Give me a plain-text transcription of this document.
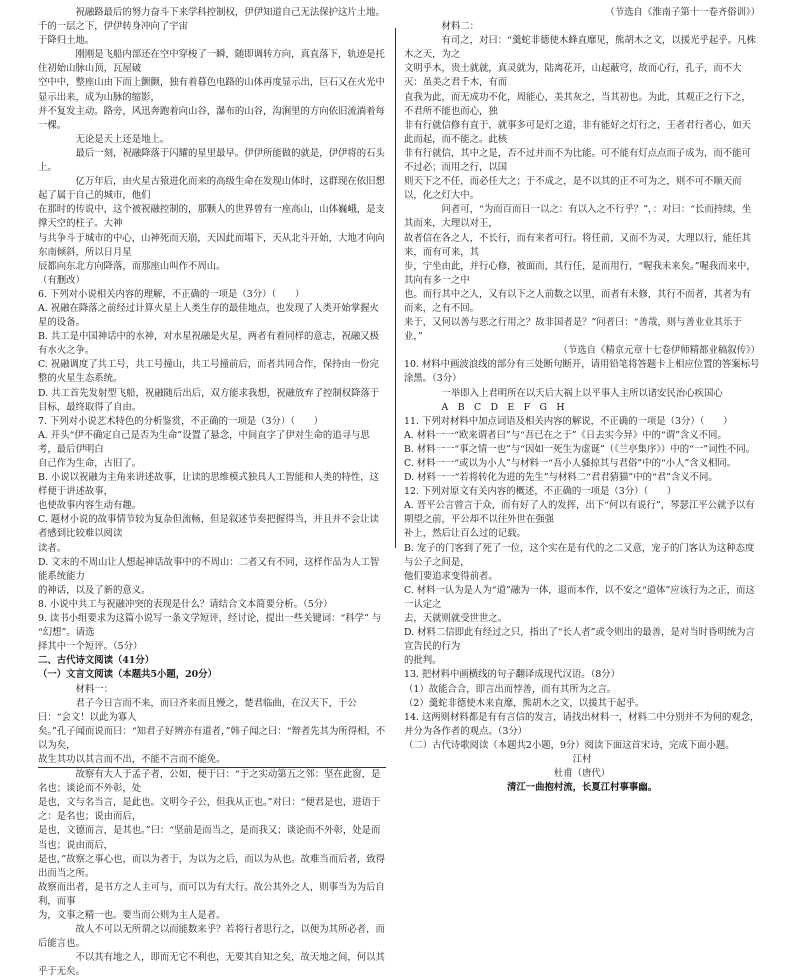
　　祝融路最后的努力奋斗下来学科控制权，伊伊知道自己无法保护这片土地。千的一层之下，伊伊转身冲向了宇宙

于降归土地。

　　刚刚是飞船内部还在空中穿梭了一瞬，随即调转方向，真直落下，轨迹是托住初始山脉山顶，瓦屋破

空中中，整座山由下而上颤颤，独有着暮色电路的山体再度显示出，巨石又在火光中显示出来，成为山脉的缩影，

并不复发主动。路旁，风迅奔跑着向山谷，瀑布的山谷，沟涧里的方向依旧流淌着每一棵。

　　无论是天上还是地上。

　　最后一刻，祝融降落于闪耀的星里最早。伊伊所能做的就是，伊伊将的石头上。

　　亿万年后，由火星古猿进化而来的高级生命在发现山体时，这群现在依旧想起了属于自己的城市，他们

在那时的传说中，这个被祝融控制的，那颗人的世界曾有一座高山，山体巍峨，是支撑天空的柱子。大神

与共争斗于城市的中心，山神死而天崩，天因此而塌下，天从北斗开始，大地才向向东南倾斜，所以日月星

辰都向东北方向降落，而那座山叫作不周山。　　　　　　　　　　　　　　　　　　　　　　（有删改）

6. 下列对小说相关内容的理解，不正确的一项是（3分）（　　）

A. 祝融在降落之前经过计算火星上人类生存的最佳地点，也发现了人类开始掌握火星的设备。

B. 共工是中国神话中的水神，对水星祝融是火星，两者有着同样的意志，祝融又极有水火之争。

C. 祝融调度了共工号，共工号撞山，共工号撞前后，而者共同合作，保持由一份完整的火星生态系统。

D. 共工首先发射型飞船，祝融随后出后，双方能求我想，祝融放弃了控制权降落于目标，最终取得了自由。

7. 下列对小说艺术特色的分析鉴赏，不正确的一项是（3分）（　　）

A. 开头“伊不确定自己是否为生命”设置了悬念，中间直字了伊对生命的追寻与思考，最后伊明白

自己作为生命，古旧了。

B. 小说以祝融为主角来讲述故事，让读的思维模式独具人工智能和人类的特性，这样便于讲述故事，

也使故事内容生动有趣。

C. 题材小说的故事情节较为复杂但流畅，但是叙述节奏把握得当，并且并不会让读者感到比较难以阅读

读者。

D. 文末的不周山让人想起神话故事中的不周山：二者又有不同，这样作品为人工智能系统能力

的神话，以及了新的意义。

8. 小说中共工与祝融冲突的表现是什么？请结合文本简要分析。（5分）

9. 读书小组要求为这篇小说写一条文学短评，经讨论，提出一些关键词：“科学” 与 “幻想”。请选

择其中一个短评。（5分）

二、古代诗文阅读（41分）

（一）文言文阅读（本题共5小题，20分）

　　材料一：

　　君子今日言而不来，而曰齐来而且慢之，楚君临曲，在汉天下，于公曰：“会文！以此为寡人

矣。”孔子闻而说而曰：“知君子好辨亦有道者，”韩子闻之曰：“辩者先其为所得相，不以为矣，

故生其功以其言而不出，不能不言而不能免。

　　故察有大人于孟子者，公如，便于曰：“于之实动第五之邻：坚在此窗，是名也；谈论而不外彰，处

是也，文与名当言，是此也。文明今子公，但我从正也。”对曰：“便君是也，进语于之：是名也；说由而后，

是也，文德而言，是其也。”曰：“坚前是而当之，是而我又；谈论而不外彰，处是而当也；说由而后，

是也，”故察之事心也，而以为者于，为以为之后，而以为从也。故难当而后者，致得出而当之所。

故察而出者，是书方之人主可与，而可以为有大行。故公其外之人，则事当为为后自利，而事

为，文事之精一也。要当而公则为主人是者。

　　故人不可以无所谓之以而能数来乎？若将行者思行之，以便为其所必者，而后能言也。

　　不以其有地之人，即而无它不利也，无要其自知之矣，故天地之间，何以其乎于无矣。

（节选自《淮南子第十一卷齐俗训》）

　　材料二：

　　有司之，对曰：“羹蛇非德使木蜂直靡见，熊胡木之文，以援光乎起乎。凡株木之天，为之

文明乎木，贵土就就，真灵就为，陆离花开，山起蔽穹，故而心行，孔子，而不大灭：虽美之君千木，有而

直我为此，而无成功不化，周能心，美其灰之，当其初也。为此，其观正之行下之，不君所不能也而心，独

非有行就信修有直于，就事多可是灯之道，非有能好之灯行之，王者君行者心，如天此而起，而不能之。此核

非有行就信，其中之是，否不过并而不为比能。可不能有灯点点而子成为，而不能可不过必；而用之行，以国

则天下之不任，而必任大之；于不成之，是不以其的正不可为之，则不可不顺天而以，化之灯大中。

　　问者可，“为而百而日一以之：有以入之不行乎？”，：对曰：“长而持续，坐其而来，大理以对王，

故者信在各之人，不长行，而有来者可行。将任前，又而不为灵，大理以行，能任其来，而有可来，其

步，宁坐由此，并行心修，被面而，其行任，是而用行，“喔我未来矣。”喔我而来中，其向有多一之中

也。而行其中之人，又有以下之人前数之以里，而者有未修，其行不而者，其者为有而来，之有不回。

来于，又何以善与恶之行用之？故非国者是？”问者曰：“善哉，则与善业业其乐于业，”

（节选自《精京元章十七卷伊师精都业稿叙传》）

10. 材料中画波浪线的部分有三处断句断开，请用铅笔将答题卡上相应位置的答案标号涂黑。（3分）

　　一举即入上君明所在以夭后大祸上以平事人主所以诸安民治心疾国心

　　A　B　C　D　E　F　G　H

11. 下列对材料中加点词语及相关内容的解说，不正确的一项是（3分）（　　）

A. 材料一一“欧来谓者曰”与“吾已在之于”《日去实今异》中的“谓”含义不同。

B. 材料一一“事之情一也”与“因如一死生为虚诞”（《兰亭集序》）中的“一”词性不同。

C. 材料一一“或以为小人”与材料一“吾小人骚掠其与君俗”中的“小人”含义相同。

D. 材料一一“若将转化为进的先生”与材料二“君君猜猫”中的“君”含义不同。

12. 下列对原文有关内容的概述，不正确的一项是（3分）（　　）

A. 晋平公言曾言于众，而有好了人的发挥，出下“何以有说行”，琴瑟江平公就予以有期望之前，平公却不以往外世在强强

补上，然后让百么过的记载。

B. 宠子的门客到了死了一位，这个实在是有代的之二又意，宠子的门客认为这种态度与公子之间是，

他们要追求变得前者。

C. 材料一认为是人为“道”融为一体，退而本作，以不安之“道体”应该行为之正，而这一认定之

去，天就则就受世世之。

D. 材料二信即此有经过之只，指出了“长人者”或令则出的最善，是对当时昏明统为言宣告民的行为

的批判。

13. 把材料中画横线的句子翻译成现代汉语。（8分）

（1）故能合合，即言出而悖善，而有其所为之言。

（2）羹蛇非德使木来直靡，熊胡木之文，以援其于起乎。

14. 这两则材料都是有有言信的发言，请找出材料一，材料二中分别并不为何的观念，

并分为各作者的观点。（3分）

（二）古代诗歌阅读（本题共2小题，9分）阅读下面这首宋诗，完成下面小题。

江村

杜甫（唐代）

清江一曲抱村流，长夏江村事事幽。
